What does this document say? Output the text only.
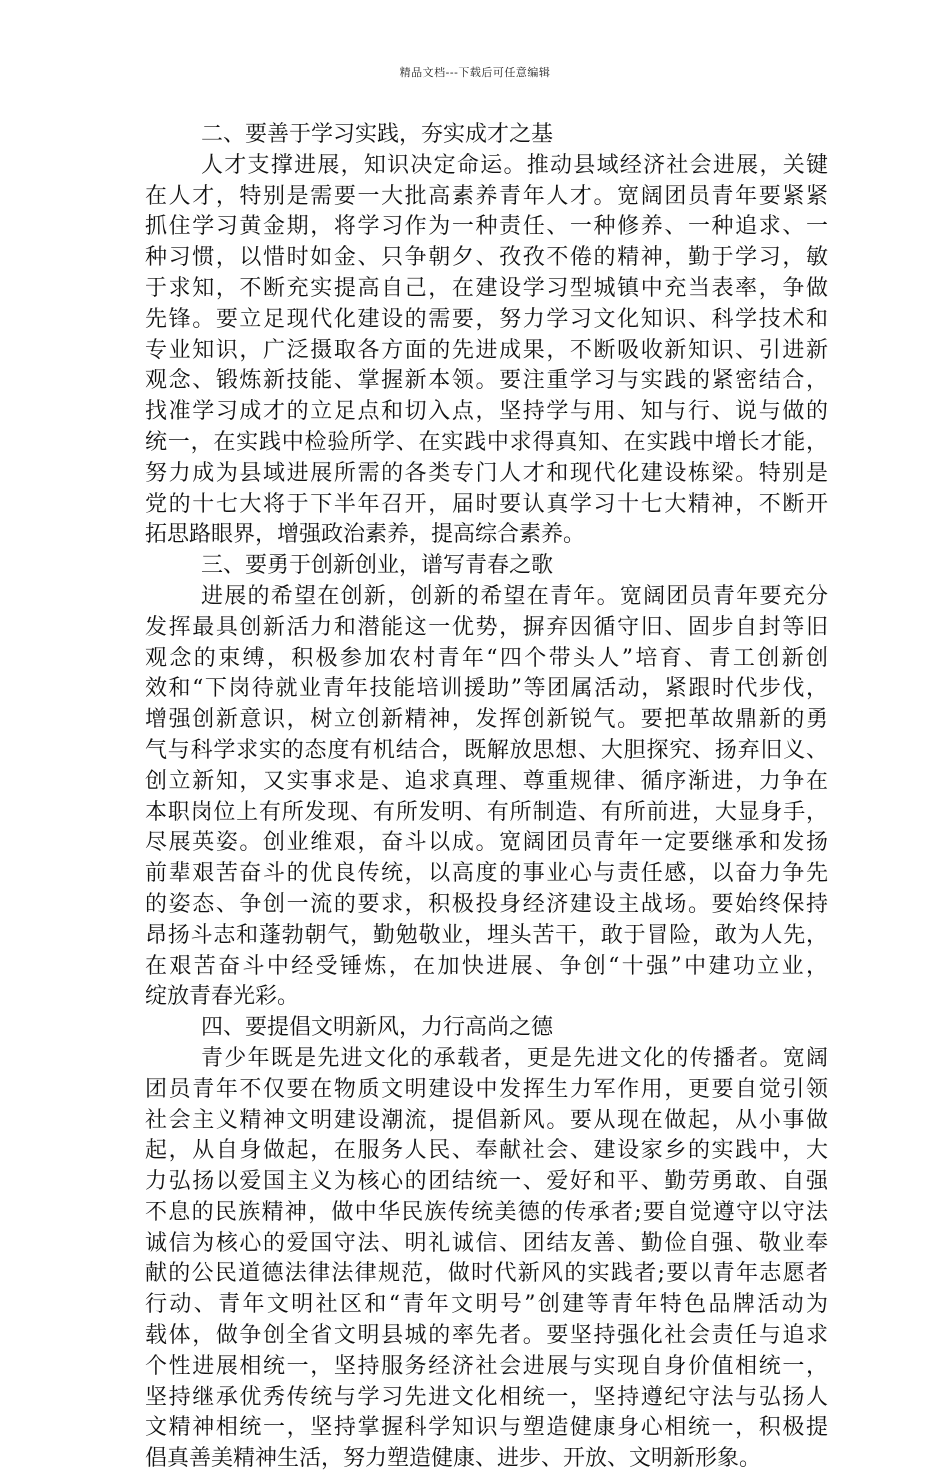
精品文档---下载后可任意编辑
二、要善于学习实践，夯实成才之基
人才支撑进展，知识决定命运。推动县域经济社会进展，关键
在人才，特别是需要一大批高素养青年人才。宽阔团员青年要紧紧
抓住学习黄金期，将学习作为一种责任、一种修养、一种追求、一
种习惯，以惜时如金、只争朝夕、孜孜不倦的精神，勤于学习，敏
于求知，不断充实提高自己，在建设学习型城镇中充当表率，争做
先锋。要立足现代化建设的需要，努力学习文化知识、科学技术和
专业知识，广泛摄取各方面的先进成果，不断吸收新知识、引进新
观念、锻炼新技能、掌握新本领。要注重学习与实践的紧密结合，
找准学习成才的立足点和切入点，坚持学与用、知与行、说与做的
统一，在实践中检验所学、在实践中求得真知、在实践中增长才能，
努力成为县域进展所需的各类专门人才和现代化建设栋梁。特别是
党的十七大将于下半年召开，届时要认真学习十七大精神，不断开
拓思路眼界，增强政治素养，提高综合素养。
三、要勇于创新创业，谱写青春之歌
进展的希望在创新，创新的希望在青年。宽阔团员青年要充分
发挥最具创新活力和潜能这一优势，摒弃因循守旧、固步自封等旧
观念的束缚，积极参加农村青年“四个带头人”培育、青工创新创
效和“下岗待就业青年技能培训援助”等团属活动，紧跟时代步伐，
增强创新意识，树立创新精神，发挥创新锐气。要把革故鼎新的勇
气与科学求实的态度有机结合，既解放思想、大胆探究、扬弃旧义、
创立新知，又实事求是、追求真理、尊重规律、循序渐进，力争在
本职岗位上有所发现、有所发明、有所制造、有所前进，大显身手，
尽展英姿。创业维艰，奋斗以成。宽阔团员青年一定要继承和发扬
前辈艰苦奋斗的优良传统，以高度的事业心与责任感，以奋力争先
的姿态、争创一流的要求，积极投身经济建设主战场。要始终保持
昂扬斗志和蓬勃朝气，勤勉敬业，埋头苦干，敢于冒险，敢为人先，
在艰苦奋斗中经受锤炼，在加快进展、争创“十强”中建功立业，
绽放青春光彩。
四、要提倡文明新风，力行高尚之德
青少年既是先进文化的承载者，更是先进文化的传播者。宽阔
团员青年不仅要在物质文明建设中发挥生力军作用，更要自觉引领
社会主义精神文明建设潮流，提倡新风。要从现在做起，从小事做
起，从自身做起，在服务人民、奉献社会、建设家乡的实践中，大
力弘扬以爱国主义为核心的团结统一、爱好和平、勤劳勇敢、自强
不息的民族精神，做中华民族传统美德的传承者;要自觉遵守以守法
诚信为核心的爱国守法、明礼诚信、团结友善、勤俭自强、敬业奉
献的公民道德法律法律规范，做时代新风的实践者;要以青年志愿者
行动、青年文明社区和“青年文明号”创建等青年特色品牌活动为
载体，做争创全省文明县城的率先者。要坚持强化社会责任与追求
个性进展相统一，坚持服务经济社会进展与实现自身价值相统一，
坚持继承优秀传统与学习先进文化相统一，坚持遵纪守法与弘扬人
文精神相统一，坚持掌握科学知识与塑造健康身心相统一，积极提
倡真善美精神生活，努力塑造健康、进步、开放、文明新形象。
